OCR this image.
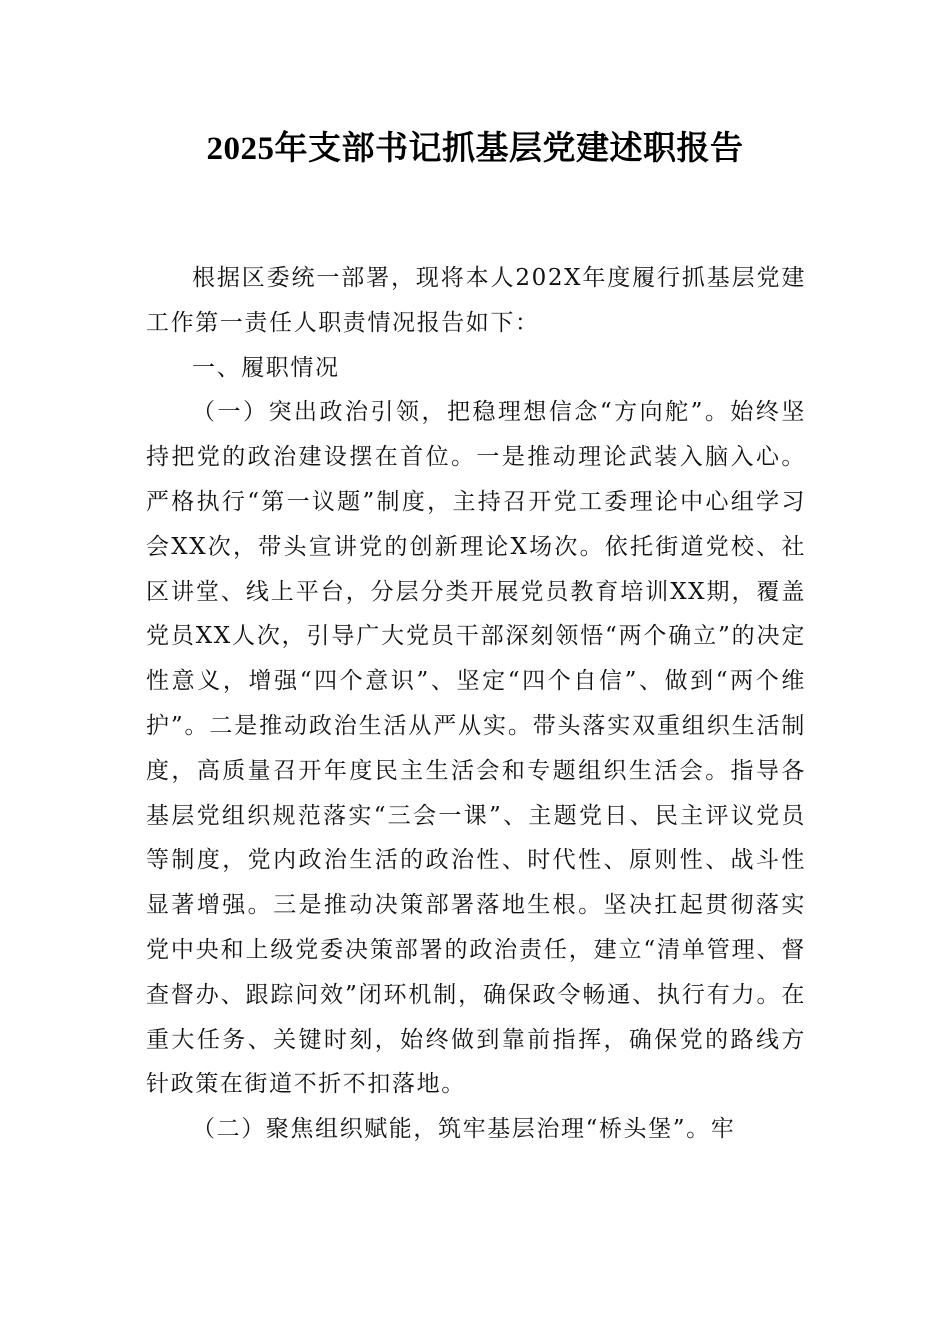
2025年支部书记抓基层党建述职报告

根据区委统一部署，现将本人202X年度履行抓基层党建工作第一责任人职责情况报告如下：

一、履职情况

（一）突出政治引领，把稳理想信念“方向舵”。始终坚持把党的政治建设摆在首位。一是推动理论武装入脑入心。严格执行“第一议题”制度，主持召开党工委理论中心组学习会XX次，带头宣讲党的创新理论X场次。依托街道党校、社区讲堂、线上平台，分层分类开展党员教育培训XX期，覆盖党员XX人次，引导广大党员干部深刻领悟“两个确立”的决定性意义，增强“四个意识”、坚定“四个自信”、做到“两个维护”。二是推动政治生活从严从实。带头落实双重组织生活制度，高质量召开年度民主生活会和专题组织生活会。指导各基层党组织规范落实“三会一课”、主题党日、民主评议党员等制度，党内政治生活的政治性、时代性、原则性、战斗性显著增强。三是推动决策部署落地生根。坚决扛起贯彻落实党中央和上级党委决策部署的政治责任，建立“清单管理、督查督办、跟踪问效”闭环机制，确保政令畅通、执行有力。在重大任务、关键时刻，始终做到靠前指挥，确保党的路线方针政策在街道不折不扣落地。

（二）聚焦组织赋能，筑牢基层治理“桥头堡”。牢
